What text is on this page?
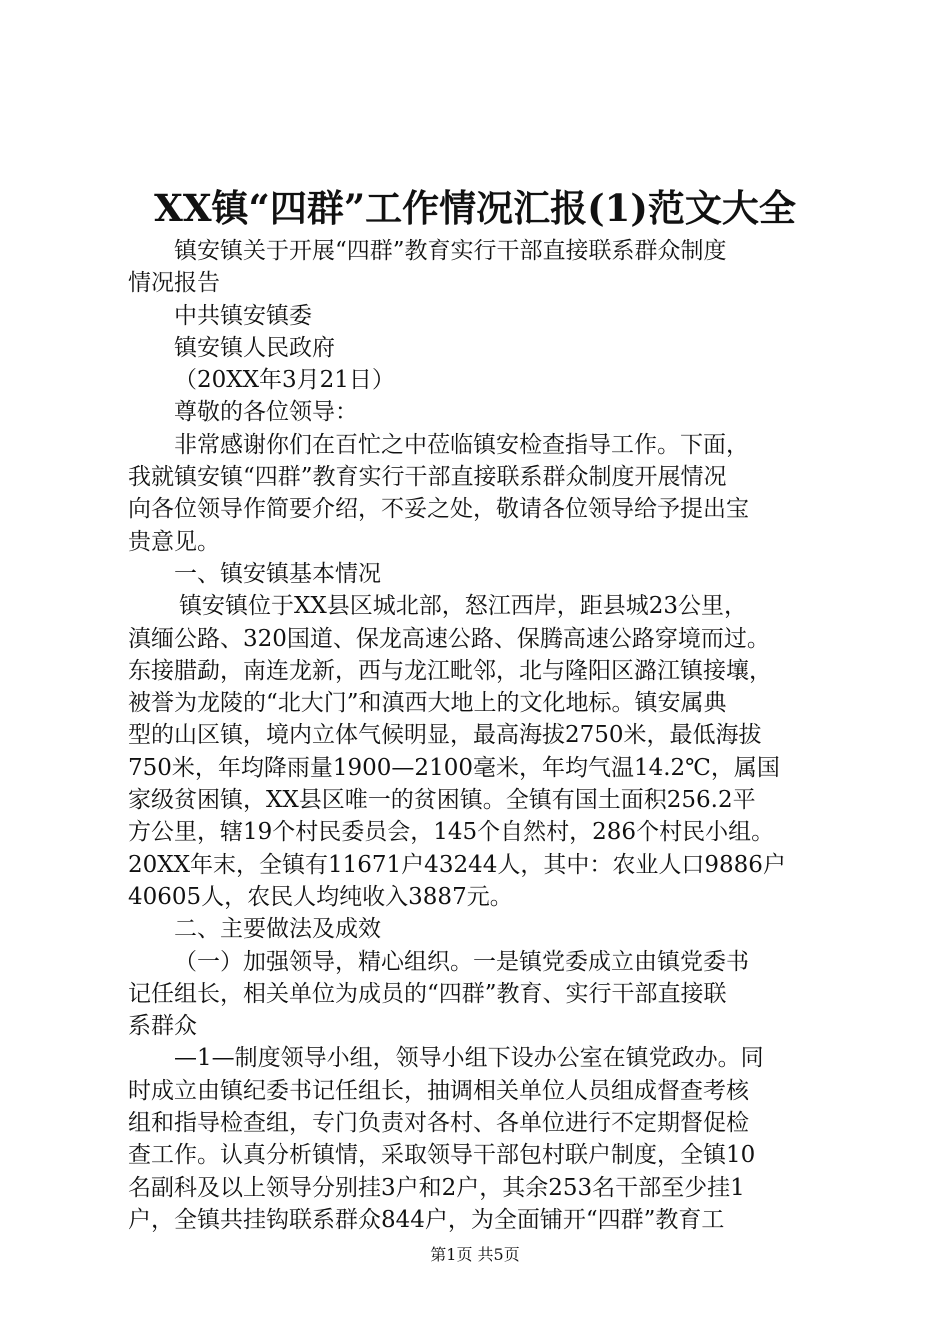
XX镇“四群”工作情况汇报(1)范文大全
镇安镇关于开展“四群”教育实行干部直接联系群众制度
情况报告
中共镇安镇委
镇安镇人民政府
（20XX年3月21日）
尊敬的各位领导：
非常感谢你们在百忙之中莅临镇安检查指导工作。下面，
我就镇安镇“四群”教育实行干部直接联系群众制度开展情况
向各位领导作简要介绍，不妥之处，敬请各位领导给予提出宝
贵意见。
一、镇安镇基本情况
镇安镇位于XX县区城北部，怒江西岸，距县城23公里，
滇缅公路、320国道、保龙高速公路、保腾高速公路穿境而过。
东接腊勐，南连龙新，西与龙江毗邻，北与隆阳区潞江镇接壤，
被誉为龙陵的“北大门”和滇西大地上的文化地标。镇安属典
型的山区镇，境内立体气候明显，最高海拔2750米，最低海拔
750米，年均降雨量1900—2100毫米，年均气温14.2℃，属国
家级贫困镇，XX县区唯一的贫困镇。全镇有国土面积256.2平
方公里，辖19个村民委员会，145个自然村，286个村民小组。
20XX年末，全镇有11671户43244人，其中：农业人口9886户
40605人，农民人均纯收入3887元。
二、主要做法及成效
（一）加强领导，精心组织。一是镇党委成立由镇党委书
记任组长，相关单位为成员的“四群”教育、实行干部直接联
系群众
—1—制度领导小组，领导小组下设办公室在镇党政办。同
时成立由镇纪委书记任组长，抽调相关单位人员组成督查考核
组和指导检查组，专门负责对各村、各单位进行不定期督促检
查工作。认真分析镇情，采取领导干部包村联户制度，全镇10
名副科及以上领导分别挂3户和2户，其余253名干部至少挂1
户，全镇共挂钩联系群众844户，为全面铺开“四群”教育工
第1页 共5页
